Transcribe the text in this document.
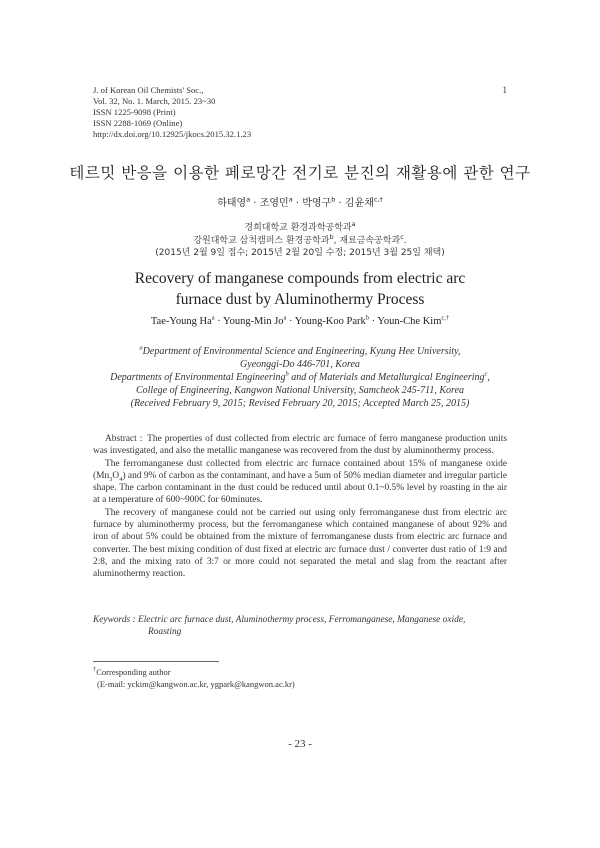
J. of Korean Oil Chemists' Soc.,
Vol. 32, No. 1. March, 2015. 23~30
ISSN 1225-9098 (Print)
ISSN 2288-1069 (Online)
http://dx.doi.org/10.12925/jkocs.2015.32.1.23
1
테르밋 반응을 이용한 페로망간 전기로 분진의 재활용에 관한 연구
하태영$^a$ · 조영민$^a$ · 박영구$^b$ · 김윤채$^{c,\dagger}$
경희대학교 환경과학공학과$^a$
강원대학교 삼척캠퍼스 환경공학과$^b$, 재료금속공학과$^c$.
(2015년 2월 9일 접수; 2015년 2월 20일 수정; 2015년 3월 25일 채택)
Recovery of manganese compounds from electric arc
furnace dust by Aluminothermy Process
Tae-Young $Ha^a$ · Young-Min $Jo^a$ · Young-Koo Park$^b$ · Youn-Che Kim$^{c,\dagger}$
$^a$Department of Environmental Science and Engineering, Kyung Hee University,
Gyeonggi-Do 446-701, Korea
Departments of Environmental Engineering$^b$ and of Materials and Metallurgical Engineering$^c$,
College of Engineering, Kangwon National University, Samcheok 245-711, Korea
(Received February 9, 2015; Revised February 20, 2015; Accepted March 25, 2015)

Abstract : The properties of dust collected from electric arc furnace of ferro manganese production units was investigated, and also the metallic manganese was recovered from the dust by aluminothermy process.

The ferromanganese dust collected from electric arc furnace contained about 15% of manganese oxide $(Mn_3O_4)$ and 9% of carbon as the contaminant, and have a 5um of 50% median diameter and irregular particle shape. The carbon contaminant in the dust could be reduced until about 0.1~0.5% level by roasting in the air at a temperature of 600~900C for 60minutes.

The recovery of manganese could not be carried out using only ferromanganese dust from electric arc furnace by aluminothermy process, but the ferromanganese which contained manganese of about 92% and iron of about 5% could be obtained from the mixture of ferromanganese dusts from electric arc furnace and converter. The best mixing condition of dust fixed at electric arc furnace dust / converter dust ratio of 1:9 and 2:8, and the mixing rato of 3:7 or more could not separated the metal and slag from the reactant after aluminothermy reaction.

Keywords : Electric arc furnace dust, Aluminothermy process, Ferromanganese, Manganese oxide,
Roasting
†Corresponding author
(E-mail: yckim@kangwon.ac.kr, ygpark@kangwon.ac.kr)
- 23 -
